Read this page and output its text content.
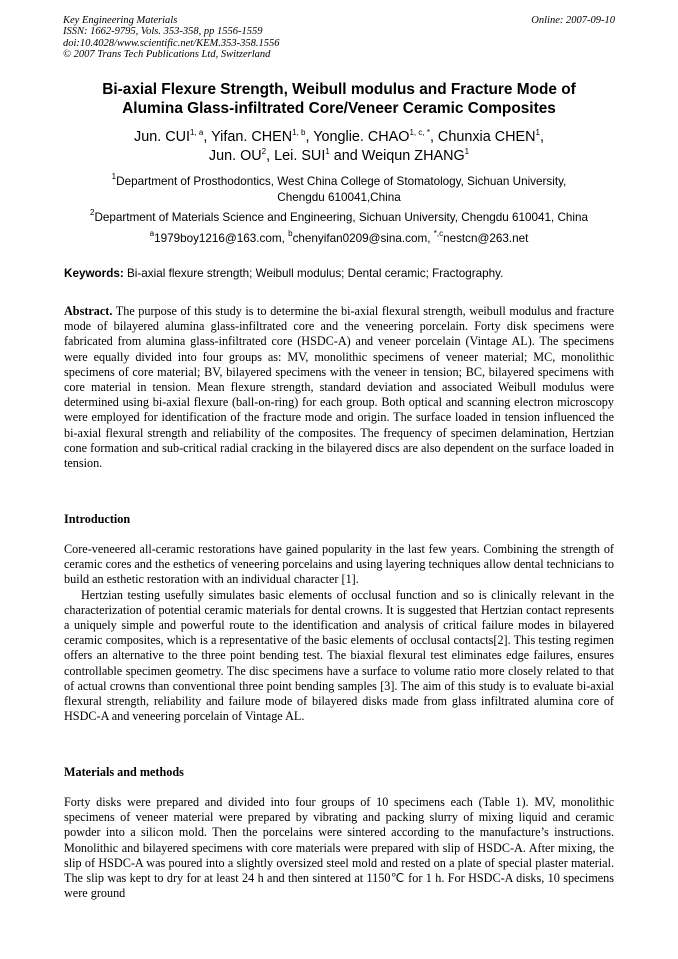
Key Engineering Materials
ISSN: 1662-9795, Vols. 353-358, pp 1556-1559
doi:10.4028/www.scientific.net/KEM.353-358.1556
© 2007 Trans Tech Publications Ltd, Switzerland
Online: 2007-09-10
Bi-axial Flexure Strength, Weibull modulus and Fracture Mode of
Alumina Glass-infiltrated Core/Veneer Ceramic Composites
Jun. CUI$^{1, a}$, Yifan. CHEN$^{1, b}$, Yonglie. $CHAO^{1, c, *}$, Chunxia CHEN$^1$,
Jun. $OU^2$, Lei. SUI$^1$ and Weiqun ZHANG$^1$
$^1$Department of Prosthodontics, West China College of Stomatology, Sichuan University,
Chengdu 610041,China
$^2$Department of Materials Science and Engineering, Sichuan University, Chengdu 610041, China
$^a$1979boy1216@163.com, $^b$chenyifan0209@sina.com, $^{*,c}$nestcn@263.net
Keywords: Bi-axial flexure strength; Weibull modulus; Dental ceramic; Fractography.

Abstract. The purpose of this study is to determine the bi-axial flexural strength, weibull modulus and fracture mode of bilayered alumina glass-infiltrated core and the veneering porcelain. Forty disk specimens were fabricated from alumina glass-infiltrated core (HSDC-A) and veneer porcelain (Vintage AL). The specimens were equally divided into four groups as: MV, monolithic specimens of veneer material; MC, monolithic specimens of core material; BV, bilayered specimens with the veneer in tension; BC, bilayered specimens with core material in tension. Mean flexure strength, standard deviation and associated Weibull modulus were determined using bi-axial flexure (ball-on-ring) for each group. Both optical and scanning electron microscopy were employed for identification of the fracture mode and origin. The surface loaded in tension influenced the bi-axial flexural strength and reliability of the composites. The frequency of specimen delamination, Hertzian cone formation and sub-critical radial cracking in the bilayered discs are also dependent on the surface loaded in tension.

Introduction

Core-veneered all-ceramic restorations have gained popularity in the last few years. Combining the strength of ceramic cores and the esthetics of veneering porcelains and using layering techniques allow dental technicians to build an esthetic restoration with an individual character [1].

Hertzian testing usefully simulates basic elements of occlusal function and so is clinically relevant in the characterization of potential ceramic materials for dental crowns. It is suggested that Hertzian contact represents a uniquely simple and powerful route to the identification and analysis of critical failure modes in bilayered ceramic composites, which is a representative of the basic elements of occlusal contacts[2]. This testing regimen offers an alternative to the three point bending test. The biaxial flexural test eliminates edge failures, ensures controllable specimen geometry. The disc specimens have a surface to volume ratio more closely related to that of actual crowns than conventional three point bending samples [3]. The aim of this study is to evaluate bi-axial flexural strength, reliability and failure mode of bilayered disks made from glass infiltrated alumina core of HSDC-A and veneering porcelain of Vintage AL.

Materials and methods

Forty disks were prepared and divided into four groups of 10 specimens each (Table 1). MV, monolithic specimens of veneer material were prepared by vibrating and packing slurry of mixing liquid and ceramic powder into a silicon mold. Then the porcelains were sintered according to the manufacture’s instructions. Monolithic and bilayered specimens with core materials were prepared with slip of HSDC-A. After mixing, the slip of HSDC-A was poured into a slightly oversized steel mold and rested on a plate of special plaster material. The slip was kept to dry for at least 24 h and then sintered at 1150℃ for 1 h. For HSDC-A disks, 10 specimens were ground
